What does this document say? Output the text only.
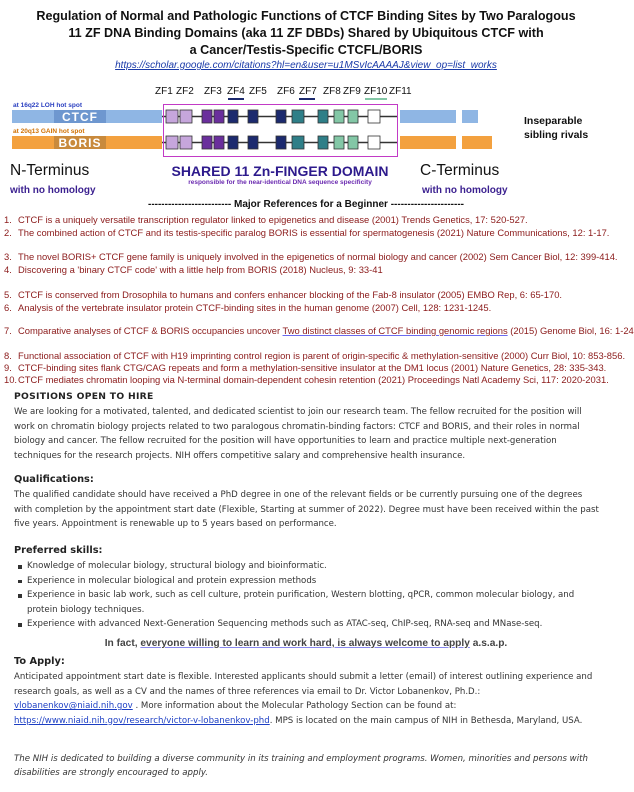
Regulation of Normal and Pathologic Functions of CTCF Binding Sites by Two Paralogous
11 ZF DNA Binding Domains (aka 11 ZF DBDs) Shared by Ubiquitous CTCF with
a Cancer/Testis-Specific CTCFL/BORIS
https://scholar.google.com/citations?hl=en&user=u1MSvIcAAAAJ&view_op=list_works
ZF1 ZF2 ZF3 ZF4 ZF5 ZF6 ZF7 ZF8 ZF9 ZF10 ZF11
at 16q22 LOH hot spot
CTCF
at 20q13 GAIN hot spot
BORIS
Inseparable
sibling rivals
N-Terminus	C-Terminus
with no homology	with no homology
SHARED 11 Zn-FINGER DOMAIN
responsible for the near-identical DNA sequence specificity
------------------------- Major References for a Beginner ----------------------
1. CTCF is a uniquely versatile transcription regulator linked to epigenetics and disease (2001) Trends Genetics, 17: 520-527.
2. The combined action of CTCF and its testis-specific paralog BORIS is essential for spermatogenesis (2021) Nature Communications, 12: 1-17.
3. The novel BORIS+ CTCF gene family is uniquely involved in the epigenetics of normal biology and cancer (2002) Sem Cancer Biol, 12: 399-414.
4. Discovering a 'binary CTCF code' with a little help from BORIS (2018) Nucleus, 9: 33-41
5. CTCF is conserved from Drosophila to humans and confers enhancer blocking of the Fab-8 insulator (2005) EMBO Rep, 6: 65-170.
6. Analysis of the vertebrate insulator protein CTCF-binding sites in the human genome (2007) Cell, 128: 1231-1245.
7. Comparative analyses of CTCF & BORIS occupancies uncover Two distinct classes of CTCF binding genomic regions (2015) Genome Biol, 16: 1-24
8. Functional association of CTCF with H19 imprinting control region is parent of origin-specific & methylation-sensitive (2000) Curr Biol, 10: 853-856.
9. CTCF-binding sites flank CTG/CAG repeats and form a methylation-sensitive insulator at the DM1 locus (2001) Nature Genetics, 28: 335-343.
10.CTCF mediates chromatin looping via N-terminal domain-dependent cohesin retention (2021) Proceedings Natl Academy Sci, 117: 2020-2031.
POSITIONS OPEN TO HIRE
We are looking for a motivated, talented, and dedicated scientist to join our research team. The fellow recruited for the position will work on chromatin biology projects related to two paralogous chromatin-binding factors: CTCF and BORIS, and their roles in normal biology and cancer. The fellow recruited for the position will have opportunities to learn and practice multiple next-generation techniques for the research projects. NIH offers competitive salary and comprehensive health insurance.
Qualifications:
The qualified candidate should have received a PhD degree in one of the relevant fields or be currently pursuing one of the degrees with completion by the appointment start date (Flexible, Starting at summer of 2022). Degree must have been received within the past five years. Appointment is renewable up to 5 years based on performance.
Preferred skills:
Knowledge of molecular biology, structural biology and bioinformatic.
Experience in molecular biological and protein expression methods
Experience in basic lab work, such as cell culture, protein purification, Western blotting, qPCR, common molecular biology, and protein biology techniques.
Experience with advanced Next-Generation Sequencing methods such as ATAC-seq, ChIP-seq, RNA-seq and MNase-seq.
In fact, everyone willing to learn and work hard, is always welcome to apply a.s.a.p.
To Apply:
Anticipated appointment start date is flexible. Interested applicants should submit a letter (email) of interest outlining experience and research goals, as well as a CV and the names of three references via email to Dr. Victor Lobanenkov, Ph.D.: vlobanenkov@niaid.nih.gov . More information about the Molecular Pathology Section can be found at: https://www.niaid.nih.gov/research/victor-v-lobanenkov-phd. MPS is located on the main campus of NIH in Bethesda, Maryland, USA.
The NIH is dedicated to building a diverse community in its training and employment programs. Women, minorities and persons with disabilities are strongly encouraged to apply.
